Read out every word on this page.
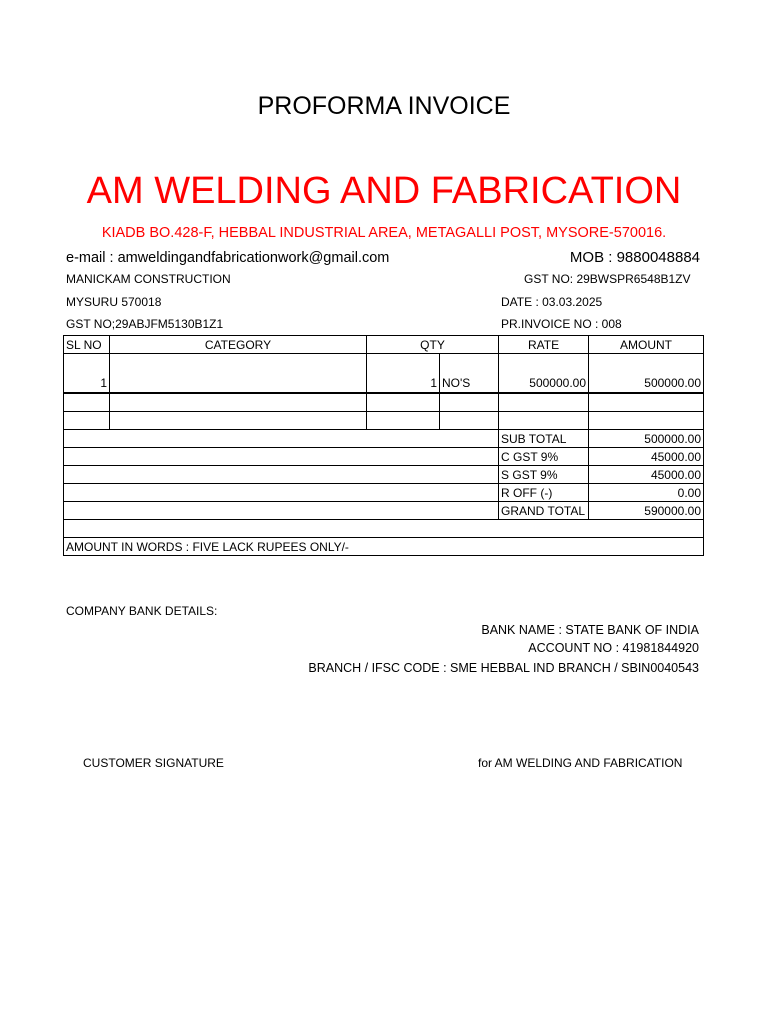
PROFORMA INVOICE
AM WELDING AND FABRICATION
KIADB BO.428-F, HEBBAL INDUSTRIAL AREA, METAGALLI POST, MYSORE-570016.
e-mail : amweldingandfabricationwork@gmail.com	MOB : 9880048884
MANICKAM CONSTRUCTION	GST NO: 29BWSPR6548B1ZV
MYSURU 570018	DATE : 03.03.2025
GST NO;29ABJFM5130B1Z1	PR.INVOICE NO : 008
SL NO	CATEGORY	QTY		RATE	AMOUNT
1		1	NO'S	500000.00	500000.00

				SUB TOTAL	500000.00
				C GST 9%	45000.00
				S GST 9%	45000.00
				R OFF (-)	0.00
				GRAND TOTAL	590000.00

AMOUNT IN WORDS : FIVE LACK RUPEES ONLY/-					
COMPANY BANK DETAILS:
BANK NAME : STATE BANK OF INDIA
ACCOUNT NO : 41981844920
BRANCH / IFSC CODE : SME HEBBAL IND BRANCH / SBIN0040543
CUSTOMER SIGNATURE	for AM WELDING AND FABRICATION
